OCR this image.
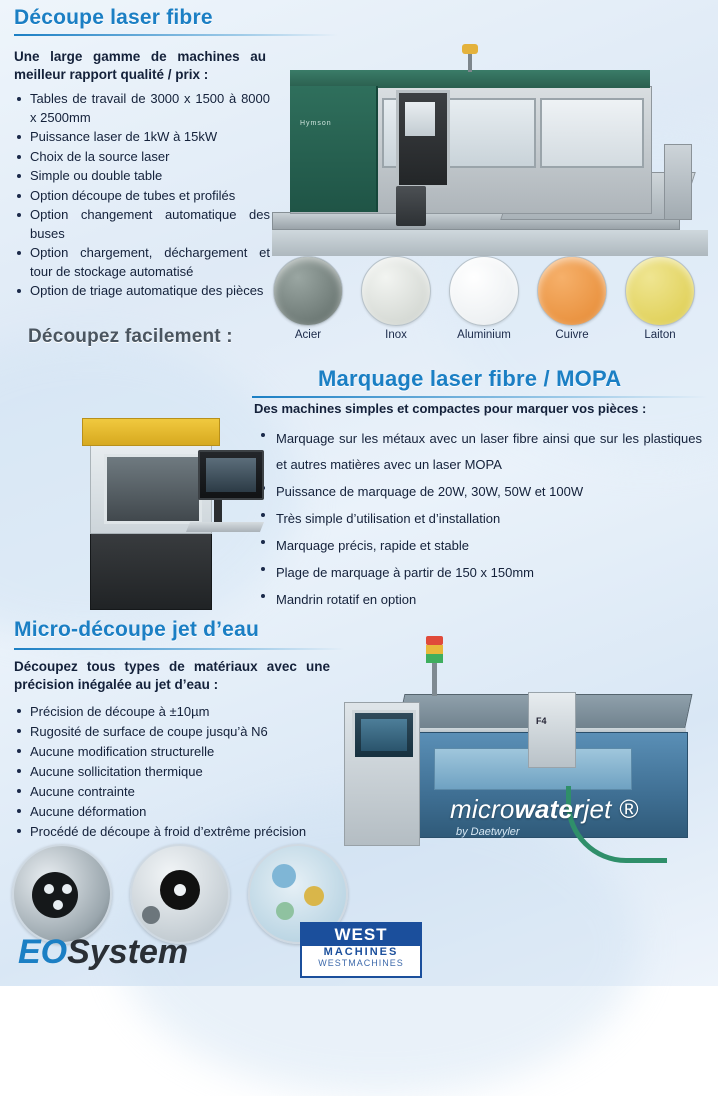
Découpe laser fibre
Une large gamme de machines au meilleur rapport qualité / prix :
Tables de travail de 3000 x 1500 à 8000 x 2500mm
Puissance laser de 1kW à 15kW
Choix de la source laser
Simple ou double table
Option découpe de tubes et profilés
Option changement automatique des buses
Option chargement, déchargement et tour de stockage automatisé
Option de triage automatique des pièces
Découpez facilement :
Hymson
Acier	Inox	Aluminium	Cuivre	Laiton
Marquage laser fibre / MOPA
Des machines simples et compactes pour marquer vos pièces :
Marquage sur les métaux avec un laser fibre ainsi que sur les plastiques et autres matières avec un laser MOPA
Puissance de marquage de 20W, 30W, 50W et 100W
Très simple d’utilisation et d’installation
Marquage précis, rapide et stable
Plage de marquage à partir de 150 x 150mm
Mandrin rotatif en option
Micro-découpe jet d’eau
Découpez tous types de matériaux avec une précision inégalée au jet d’eau :
Précision de découpe à ±10µm
Rugosité de surface de coupe jusqu’à N6
Aucune modification structurelle
Aucune sollicitation thermique
Aucune contrainte
Aucune déformation
Procédé de découpe à froid d’extrême précision
F4
microwaterjet ®
by Daetwyler
EOSystem	WEST
MACHINES
WESTMACHINES
